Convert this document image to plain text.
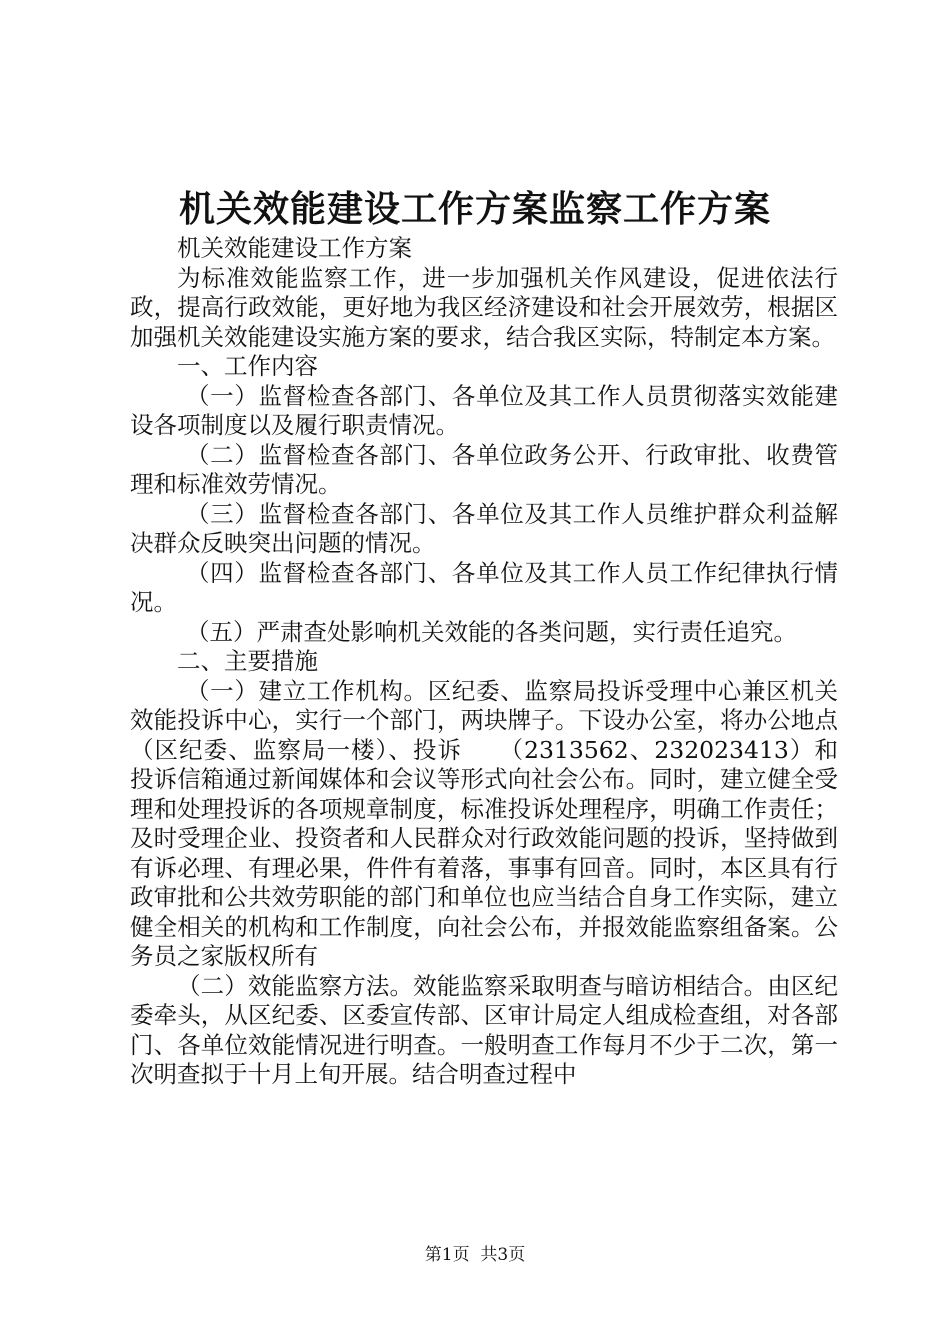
机关效能建设工作方案监察工作方案

机关效能建设工作方案

为标准效能监察工作，进一步加强机关作风建设，促进依法行政，提高行政效能，更好地为我区经济建设和社会开展效劳，根据区加强机关效能建设实施方案的要求，结合我区实际，特制定本方案。

一、工作内容

（一）监督检查各部门、各单位及其工作人员贯彻落实效能建设各项制度以及履行职责情况。

（二）监督检查各部门、各单位政务公开、行政审批、收费管理和标准效劳情况。

（三）监督检查各部门、各单位及其工作人员维护群众利益解决群众反映突出问题的情况。

（四）监督检查各部门、各单位及其工作人员工作纪律执行情况。

（五）严肃查处影响机关效能的各类问题，实行责任追究。

二、主要措施

（一）建立工作机构。区纪委、监察局投诉受理中心兼区机关效能投诉中心，实行一个部门，两块牌子。下设办公室，将办公地点（区纪委、监察局一楼）、投诉　　（2313562、232023413）和投诉信箱通过新闻媒体和会议等形式向社会公布。同时，建立健全受理和处理投诉的各项规章制度，标准投诉处理程序，明确工作责任；及时受理企业、投资者和人民群众对行政效能问题的投诉，坚持做到有诉必理、有理必果，件件有着落，事事有回音。同时，本区具有行政审批和公共效劳职能的部门和单位也应当结合自身工作实际，建立健全相关的机构和工作制度，向社会公布，并报效能监察组备案。公务员之家版权所有

（二）效能监察方法。效能监察采取明查与暗访相结合。由区纪委牵头，从区纪委、区委宣传部、区审计局定人组成检查组，对各部门、各单位效能情况进行明查。一般明查工作每月不少于二次，第一次明查拟于十月上旬开展。结合明查过程中

第1页 共3页
